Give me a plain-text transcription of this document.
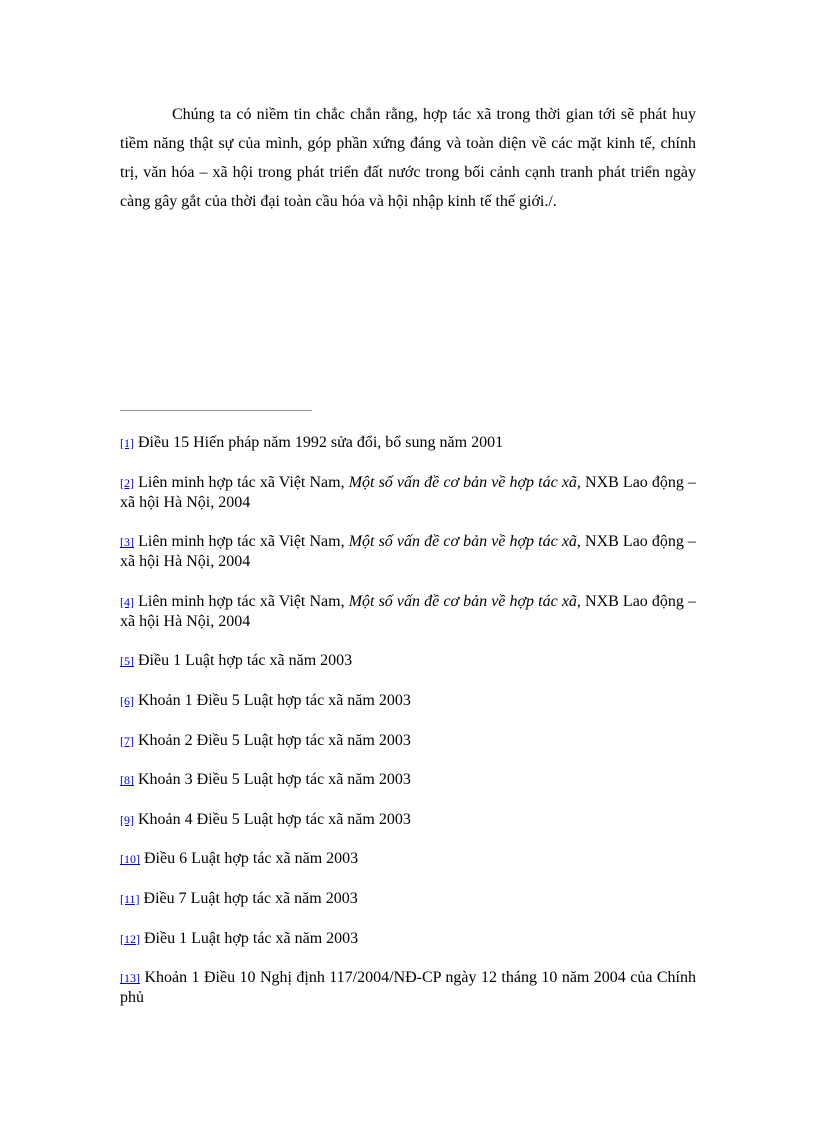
Chúng ta có niềm tin chắc chắn rằng, hợp tác xã trong thời gian tới sẽ phát huy tiềm năng thật sự của mình, góp phần xứng đáng và toàn diện về các mặt kinh tế, chính trị, văn hóa – xã hội trong phát triển đất nước trong bối cảnh cạnh tranh phát triển ngày càng gây gắt của thời đại toàn cầu hóa và hội nhập kinh tế thế giới./.

[1] Điều 15 Hiến pháp năm 1992 sửa đổi, bổ sung năm 2001
[2] Liên minh hợp tác xã Việt Nam, Một số vấn đề cơ bản về hợp tác xã, NXB Lao động – xã hội Hà Nội, 2004
[3] Liên minh hợp tác xã Việt Nam, Một số vấn đề cơ bản về hợp tác xã, NXB Lao động – xã hội Hà Nội, 2004
[4] Liên minh hợp tác xã Việt Nam, Một số vấn đề cơ bản về hợp tác xã, NXB Lao động – xã hội Hà Nội, 2004
[5] Điều 1 Luật hợp tác xã năm 2003
[6] Khoản 1 Điều 5 Luật hợp tác xã năm 2003
[7] Khoản 2 Điều 5 Luật hợp tác xã năm 2003
[8] Khoản 3 Điều 5 Luật hợp tác xã năm 2003
[9] Khoản 4 Điều 5 Luật hợp tác xã năm 2003
[10] Điều 6 Luật hợp tác xã năm 2003
[11] Điều 7 Luật hợp tác xã năm 2003
[12] Điều 1 Luật hợp tác xã năm 2003
[13] Khoản 1 Điều 10 Nghị định 117/2004/NĐ-CP ngày 12 tháng 10 năm 2004 của Chính phủ
